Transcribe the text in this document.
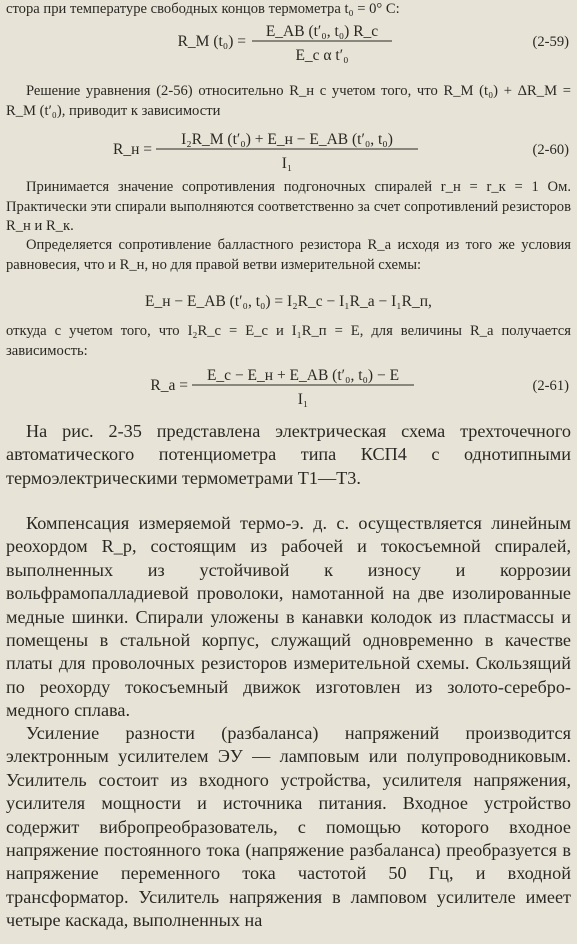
стора при температуре свободных концов термометра t₀ = 0° С:

R_М (t₀) =
E_AB (t′₀, t₀) R_c
E_c α t′₀
(2-59)

Решение уравнения (2-56) относительно R_н с учетом того, что R_М (t₀) + ΔR_М = R_М (t′₀), приводит к зависимости

R_н =
I₂R_М (t′₀) + E_н − E_AB (t′₀, t₀)
I₁
(2-60)

Принимается значение сопротивления подгоночных спиралей r_н = r_к = 1 Ом. Практически эти спирали выполняются соответственно за счет сопротивлений резисторов R_н и R_к.

Определяется сопротивление балластного резистора R_а исходя из того же условия равновесия, что и R_н, но для правой ветви измерительной схемы:

E_н − E_AB (t′₀, t₀) = I₂R_c − I₁R_а − I₁R_п,

откуда с учетом того, что I₂R_c = E_c и I₁R_п = E, для величины R_а получается зависимость:

R_а =
E_c − E_н + E_AB (t′₀, t₀) − E
I₁
(2-61)

На рис. 2-35 представлена электрическая схема трехточечного автоматического потенциометра типа КСП4 с однотипными термоэлектрическими термометрами Т1—Т3.

Компенсация измеряемой термо-э. д. с. осуществляется линейным реохордом R_р, состоящим из рабочей и токосъемной спиралей, выполненных из устойчивой к износу и коррозии вольфрамопалладиевой проволоки, намотанной на две изолированные медные шинки. Спирали уложены в канавки колодок из пластмассы и помещены в стальной корпус, служащий одновременно в качестве платы для проволочных резисторов измерительной схемы. Скользящий по реохорду токосъемный движок изготовлен из золото-серебро-медного сплава.

Усиление разности (разбаланса) напряжений производится электронным усилителем ЭУ — ламповым или полупроводниковым. Усилитель состоит из входного устройства, усилителя напряжения, усилителя мощности и источника питания. Входное устройство содержит вибропреобразователь, с помощью которого входное напряжение постоянного тока (напряжение разбаланса) преобразуется в напряжение переменного тока частотой 50 Гц, и входной трансформатор. Усилитель напряжения в ламповом усилителе имеет четыре каскада, выполненных на
